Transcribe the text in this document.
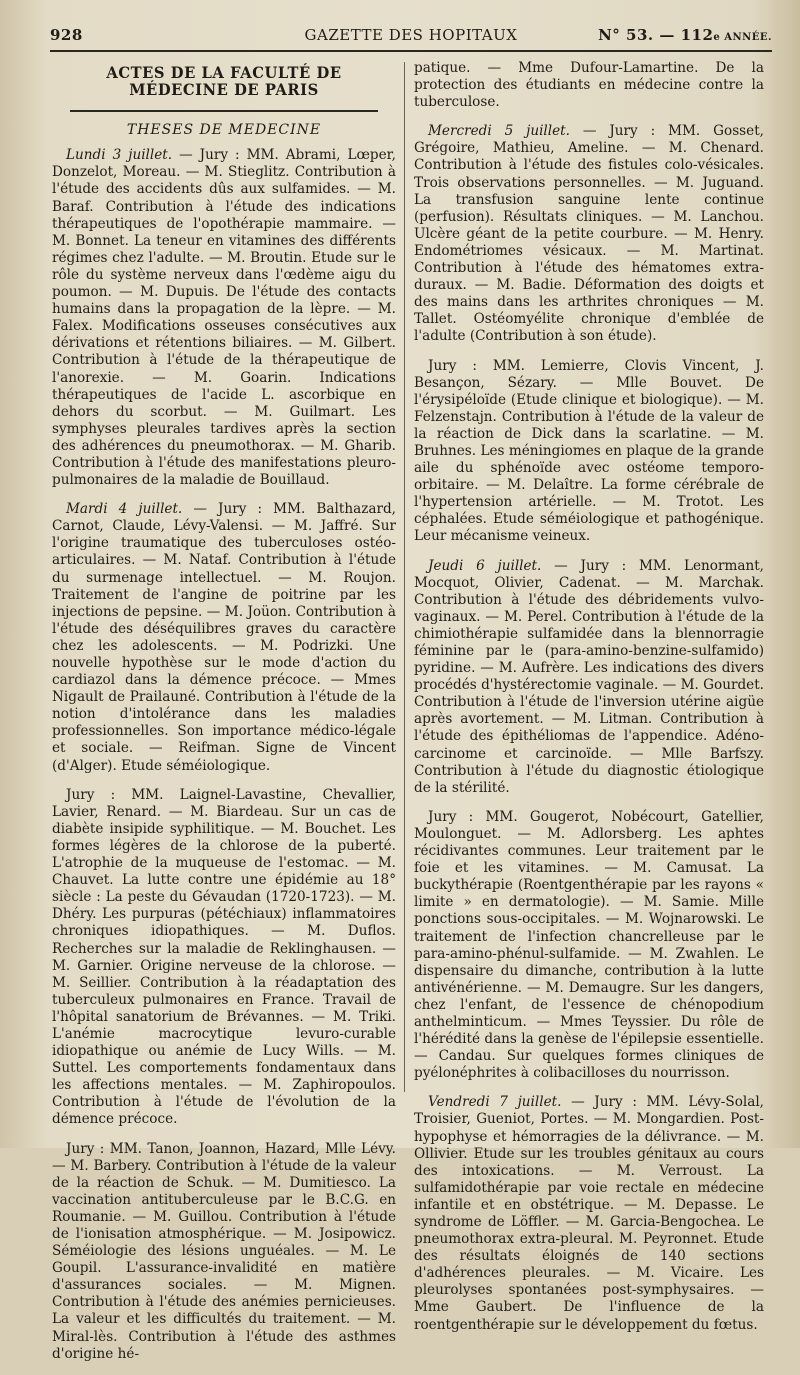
928	GAZETTE DES HOPITAUX	N° 53. — 112e ANNÉE.
ACTES DE LA FACULTÉ DE MÉDECINE DE PARIS
THESES DE MEDECINE

Lundi 3 juillet. — Jury : MM. Abrami, Lœper, Donzelot, Moreau. — M. Stieglitz. Contribution à l'étude des accidents dûs aux sulfamides. — M. Baraf. Contribution à l'étude des indications thérapeutiques de l'opothérapie mammaire. — M. Bonnet. La teneur en vitamines des différents régimes chez l'adulte. — M. Broutin. Etude sur le rôle du système nerveux dans l'œdème aigu du poumon. — M. Dupuis. De l'étude des contacts humains dans la propagation de la lèpre. — M. Falex. Modifications osseuses consécutives aux dérivations et rétentions biliaires. — M. Gilbert. Contribution à l'étude de la thérapeutique de l'anorexie. — M. Goarin. Indications thérapeutiques de l'acide L. ascorbique en dehors du scorbut. — M. Guilmart. Les symphyses pleurales tardives après la section des adhérences du pneumothorax. — M. Gharib. Contribution à l'étude des manifestations pleuro-pulmonaires de la maladie de Bouillaud.

Mardi 4 juillet. — Jury : MM. Balthazard, Carnot, Claude, Lévy-Valensi. — M. Jaffré. Sur l'origine traumatique des tuberculoses ostéo-articulaires. — M. Nataf. Contribution à l'étude du surmenage intellectuel. — M. Roujon. Traitement de l'angine de poitrine par les injections de pepsine. — M. Joüon. Contribution à l'étude des déséquilibres graves du caractère chez les adolescents. — M. Podrizki. Une nouvelle hypothèse sur le mode d'action du cardiazol dans la démence précoce. — Mmes Nigault de Prailauné. Contribution à l'étude de la notion d'intolérance dans les maladies professionnelles. Son importance médico-légale et sociale. — Reifman. Signe de Vincent (d'Alger). Etude séméiologique.

Jury : MM. Laignel-Lavastine, Chevallier, Lavier, Renard. — M. Biardeau. Sur un cas de diabète insipide syphilitique. — M. Bouchet. Les formes légères de la chlorose de la puberté. L'atrophie de la muqueuse de l'estomac. — M. Chauvet. La lutte contre une épidémie au 18° siècle : La peste du Gévaudan (1720-1723). — M. Dhéry. Les purpuras (pétéchiaux) inflammatoires chroniques idiopathiques. — M. Duflos. Recherches sur la maladie de Reklinghausen. — M. Garnier. Origine nerveuse de la chlorose. — M. Seillier. Contribution à la réadaptation des tuberculeux pulmonaires en France. Travail de l'hôpital sanatorium de Brévannes. — M. Triki. L'anémie macrocytique levuro-curable idiopathique ou anémie de Lucy Wills. — M. Suttel. Les comportements fondamentaux dans les affections mentales. — M. Zaphiropoulos. Contribution à l'étude de l'évolution de la démence précoce.

Jury : MM. Tanon, Joannon, Hazard, Mlle Lévy. — M. Barbery. Contribution à l'étude de la valeur de la réaction de Schuk. — M. Dumitiesco. La vaccination antituberculeuse par le B.C.G. en Roumanie. — M. Guillou. Contribution à l'étude de l'ionisation atmosphérique. — M. Josipowicz. Séméiologie des lésions unguéales. — M. Le Goupil. L'assurance-invalidité en matière d'assurances sociales. — M. Mignen. Contribution à l'étude des anémies pernicieuses. La valeur et les difficultés du traitement. — M. Miral-lès. Contribution à l'étude des asthmes d'origine hé-

patique. — Mme Dufour-Lamartine. De la protection des étudiants en médecine contre la tuberculose.

Mercredi 5 juillet. — Jury : MM. Gosset, Grégoire, Mathieu, Ameline. — M. Chenard. Contribution à l'étude des fistules colo-vésicales. Trois observations personnelles. — M. Juguand. La transfusion sanguine lente continue (perfusion). Résultats cliniques. — M. Lanchou. Ulcère géant de la petite courbure. — M. Henry. Endométriomes vésicaux. — M. Martinat. Contribution à l'étude des hématomes extra-duraux. — M. Badie. Déformation des doigts et des mains dans les arthrites chroniques — M. Tallet. Ostéomyélite chronique d'emblée de l'adulte (Contribution à son étude).

Jury : MM. Lemierre, Clovis Vincent, J. Besançon, Sézary. — Mlle Bouvet. De l'érysipéloïde (Etude clinique et biologique). — M. Felzenstajn. Contribution à l'étude de la valeur de la réaction de Dick dans la scarlatine. — M. Bruhnes. Les méningiomes en plaque de la grande aile du sphénoïde avec ostéome temporo-orbitaire. — M. Delaître. La forme cérébrale de l'hypertension artérielle. — M. Trotot. Les céphalées. Etude séméiologique et pathogénique. Leur mécanisme veineux.

Jeudi 6 juillet. — Jury : MM. Lenormant, Mocquot, Olivier, Cadenat. — M. Marchak. Contribution à l'étude des débridements vulvo-vaginaux. — M. Perel. Contribution à l'étude de la chimiothérapie sulfamidée dans la blennorragie féminine par le (para-amino-benzine-sulfamido) pyridine. — M. Aufrère. Les indications des divers procédés d'hystérectomie vaginale. — M. Gourdet. Contribution à l'étude de l'inversion utérine aigüe après avortement. — M. Litman. Contribution à l'étude des épithéliomas de l'appendice. Adéno-carcinome et carcinoïde. — Mlle Barfszy. Contribution à l'étude du diagnostic étiologique de la stérilité.

Jury : MM. Gougerot, Nobécourt, Gatellier, Moulonguet. — M. Adlorsberg. Les aphtes récidivantes communes. Leur traitement par le foie et les vitamines. — M. Camusat. La buckythérapie (Roentgenthérapie par les rayons « limite » en dermatologie). — M. Samie. Mille ponctions sous-occipitales. — M. Wojnarowski. Le traitement de l'infection chancrelleuse par le para-amino-phénul-sulfamide. — M. Zwahlen. Le dispensaire du dimanche, contribution à la lutte antivénérienne. — M. Demaugre. Sur les dangers, chez l'enfant, de l'essence de chénopodium anthelminticum. — Mmes Teyssier. Du rôle de l'hérédité dans la genèse de l'épilepsie essentielle. — Candau. Sur quelques formes cliniques de pyélonéphrites à colibacilloses du nourrisson.

Vendredi 7 juillet. — Jury : MM. Lévy-Solal, Troisier, Gueniot, Portes. — M. Mongardien. Post-hypophyse et hémorragies de la délivrance. — M. Ollivier. Etude sur les troubles génitaux au cours des intoxications. — M. Verroust. La sulfamidothérapie par voie rectale en médecine infantile et en obstétrique. — M. Depasse. Le syndrome de Löffler. — M. Garcia-Bengochea. Le pneumothorax extra-pleural. M. Peyronnet. Etude des résultats éloignés de 140 sections d'adhérences pleurales. — M. Vicaire. Les pleurolyses spontanées post-symphysaires. — Mme Gaubert. De l'influence de la roentgenthérapie sur le développement du fœtus.
